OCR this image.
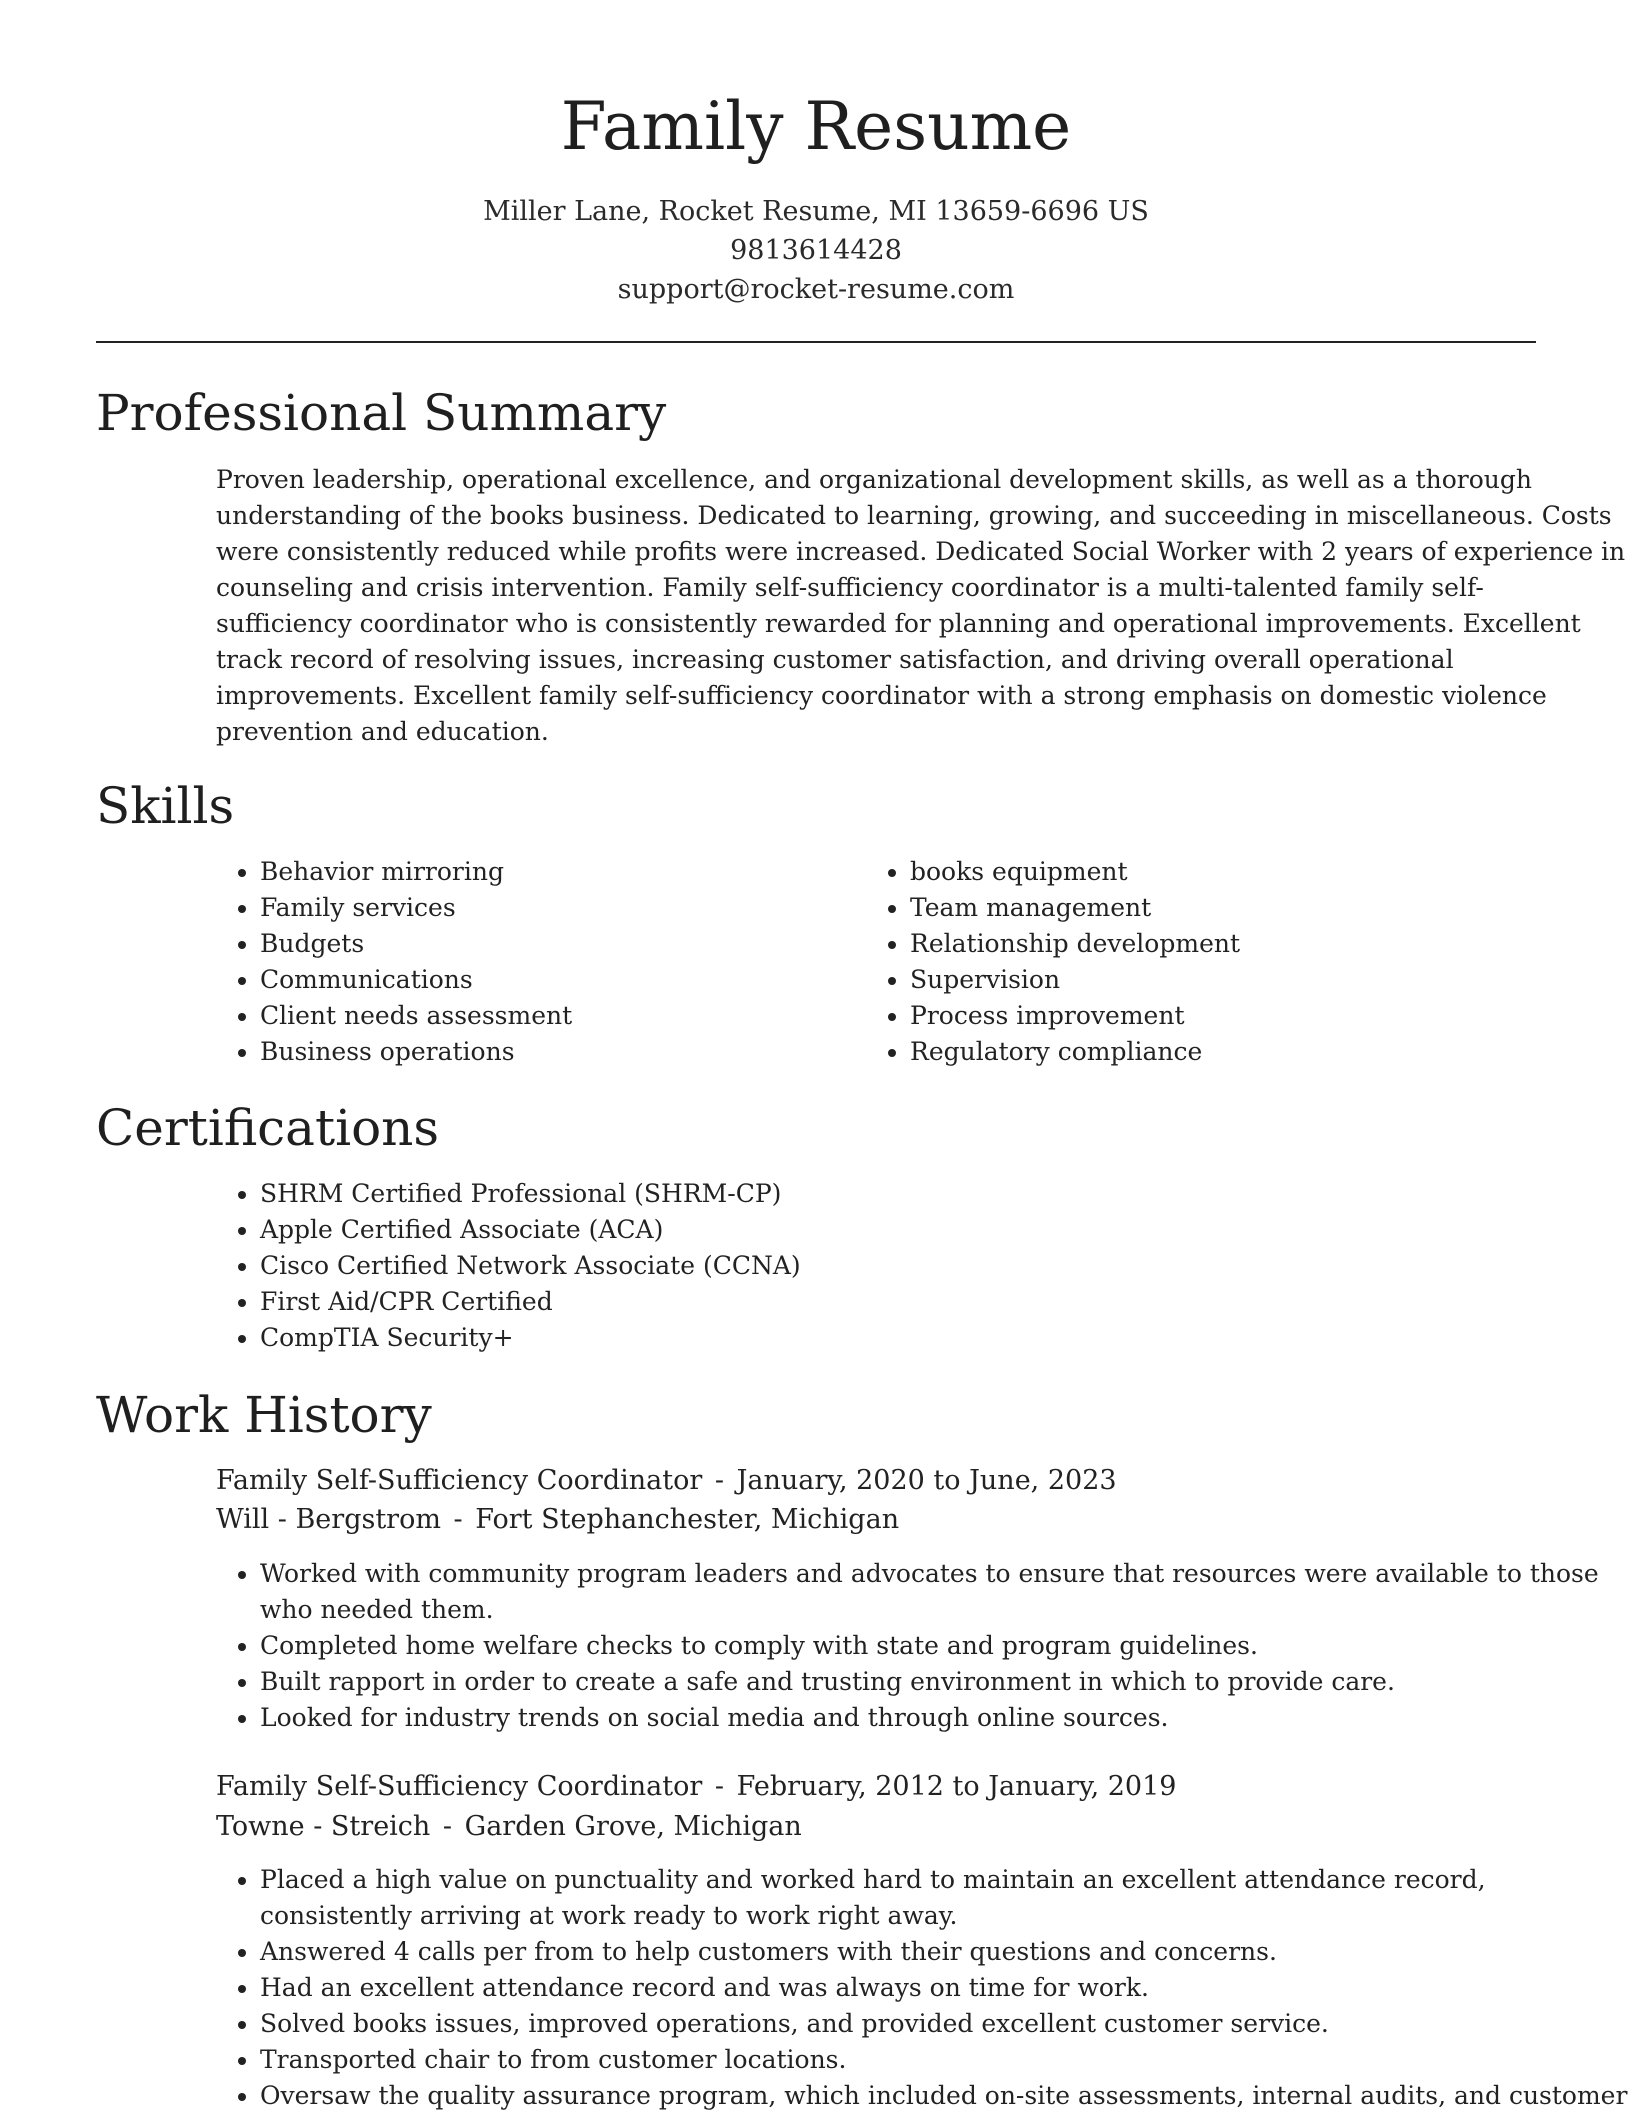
Family Resume
Miller Lane, Rocket Resume, MI 13659-6696 US
9813614428
support@rocket-resume.com
Professional Summary
Proven leadership, operational excellence, and organizational development skills, as well as a thorough
understanding of the books business. Dedicated to learning, growing, and succeeding in miscellaneous. Costs
were consistently reduced while profits were increased. Dedicated Social Worker with 2 years of experience in
counseling and crisis intervention. Family self-sufficiency coordinator is a multi-talented family self-
sufficiency coordinator who is consistently rewarded for planning and operational improvements. Excellent
track record of resolving issues, increasing customer satisfaction, and driving overall operational
improvements. Excellent family self-sufficiency coordinator with a strong emphasis on domestic violence
prevention and education.
Skills
• Behavior mirroring
• Family services
• Budgets
• Communications
• Client needs assessment
• Business operations
• books equipment
• Team management
• Relationship development
• Supervision
• Process improvement
• Regulatory compliance
Certifications
• SHRM Certified Professional (SHRM-CP)
• Apple Certified Associate (ACA)
• Cisco Certified Network Associate (CCNA)
• First Aid/CPR Certified
• CompTIA Security+
Work History
Family Self-Sufficiency Coordinator - January, 2020 to June, 2023
Will - Bergstrom - Fort Stephanchester, Michigan
• Worked with community program leaders and advocates to ensure that resources were available to those
who needed them.
• Completed home welfare checks to comply with state and program guidelines.
• Built rapport in order to create a safe and trusting environment in which to provide care.
• Looked for industry trends on social media and through online sources.
Family Self-Sufficiency Coordinator - February, 2012 to January, 2019
Towne - Streich - Garden Grove, Michigan
• Placed a high value on punctuality and worked hard to maintain an excellent attendance record,
consistently arriving at work ready to work right away.
• Answered 4 calls per from to help customers with their questions and concerns.
• Had an excellent attendance record and was always on time for work.
• Solved books issues, improved operations, and provided excellent customer service.
• Transported chair to from customer locations.
• Oversaw the quality assurance program, which included on-site assessments, internal audits, and customer
